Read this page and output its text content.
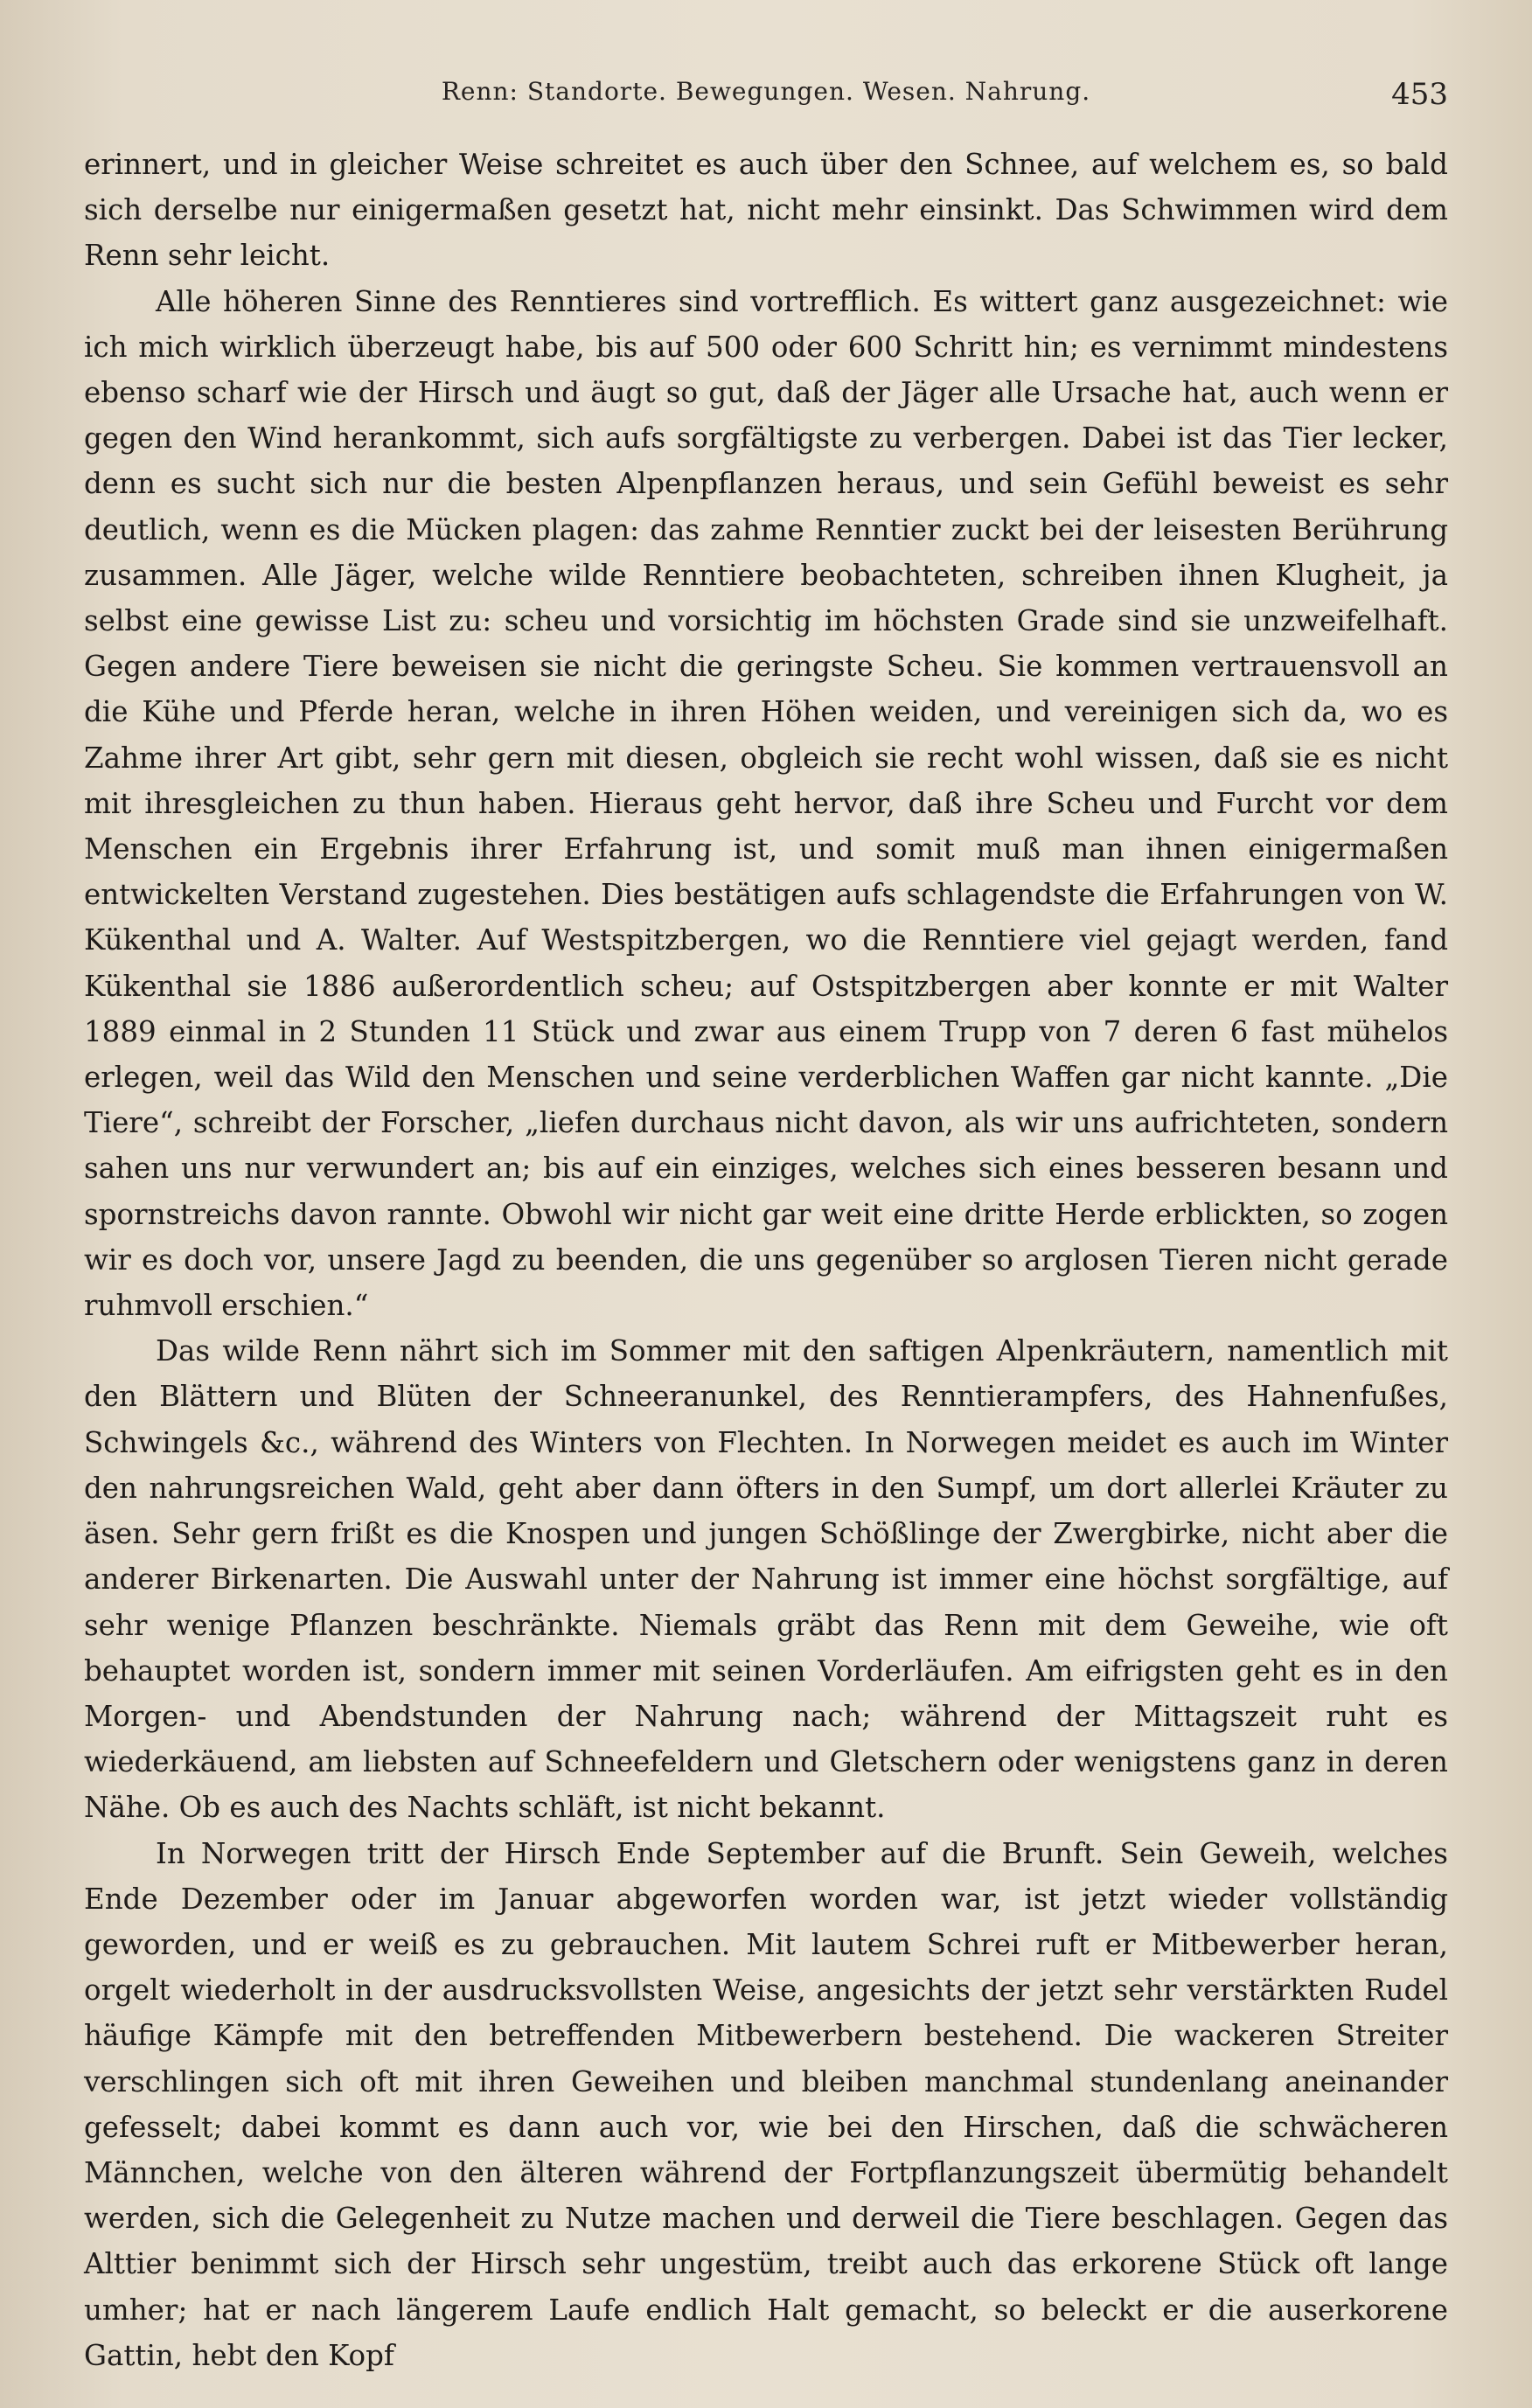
Renn: Standorte. Bewegungen. Wesen. Nahrung.	453

erinnert, und in gleicher Weise schreitet es auch über den Schnee, auf welchem es, so bald sich derselbe nur einigermaßen gesetzt hat, nicht mehr einsinkt. Das Schwimmen wird dem Renn sehr leicht.

Alle höheren Sinne des Renntieres sind vortrefflich. Es wittert ganz ausgezeichnet: wie ich mich wirklich überzeugt habe, bis auf 500 oder 600 Schritt hin; es vernimmt mindestens ebenso scharf wie der Hirsch und äugt so gut, daß der Jäger alle Ursache hat, auch wenn er gegen den Wind herankommt, sich aufs sorgfältigste zu verbergen. Dabei ist das Tier lecker, denn es sucht sich nur die besten Alpenpflanzen heraus, und sein Gefühl beweist es sehr deutlich, wenn es die Mücken plagen: das zahme Renntier zuckt bei der leisesten Berührung zusammen. Alle Jäger, welche wilde Renntiere beobachteten, schreiben ihnen Klugheit, ja selbst eine gewisse List zu: scheu und vorsichtig im höchsten Grade sind sie unzweifelhaft. Gegen andere Tiere beweisen sie nicht die geringste Scheu. Sie kommen vertrauensvoll an die Kühe und Pferde heran, welche in ihren Höhen weiden, und vereinigen sich da, wo es Zahme ihrer Art gibt, sehr gern mit diesen, obgleich sie recht wohl wissen, daß sie es nicht mit ihresgleichen zu thun haben. Hieraus geht hervor, daß ihre Scheu und Furcht vor dem Menschen ein Ergebnis ihrer Erfahrung ist, und somit muß man ihnen einigermaßen entwickelten Verstand zugestehen. Dies bestätigen aufs schlagendste die Erfahrungen von W. Kükenthal und A. Walter. Auf Westspitzbergen, wo die Renntiere viel gejagt werden, fand Kükenthal sie 1886 außerordentlich scheu; auf Ostspitzbergen aber konnte er mit Walter 1889 einmal in 2 Stunden 11 Stück und zwar aus einem Trupp von 7 deren 6 fast mühelos erlegen, weil das Wild den Menschen und seine verderblichen Waffen gar nicht kannte. „Die Tiere“, schreibt der Forscher, „liefen durchaus nicht davon, als wir uns aufrichteten, sondern sahen uns nur verwundert an; bis auf ein einziges, welches sich eines besseren besann und spornstreichs davon rannte. Obwohl wir nicht gar weit eine dritte Herde erblickten, so zogen wir es doch vor, unsere Jagd zu beenden, die uns gegenüber so arglosen Tieren nicht gerade ruhmvoll erschien.“

Das wilde Renn nährt sich im Sommer mit den saftigen Alpenkräutern, namentlich mit den Blättern und Blüten der Schneeranunkel, des Renntierampfers, des Hahnenfußes, Schwingels &c., während des Winters von Flechten. In Norwegen meidet es auch im Winter den nahrungsreichen Wald, geht aber dann öfters in den Sumpf, um dort allerlei Kräuter zu äsen. Sehr gern frißt es die Knospen und jungen Schößlinge der Zwergbirke, nicht aber die anderer Birkenarten. Die Auswahl unter der Nahrung ist immer eine höchst sorgfältige, auf sehr wenige Pflanzen beschränkte. Niemals gräbt das Renn mit dem Geweihe, wie oft behauptet worden ist, sondern immer mit seinen Vorderläufen. Am eifrigsten geht es in den Morgen- und Abendstunden der Nahrung nach; während der Mittagszeit ruht es wiederkäuend, am liebsten auf Schneefeldern und Gletschern oder wenigstens ganz in deren Nähe. Ob es auch des Nachts schläft, ist nicht bekannt.

In Norwegen tritt der Hirsch Ende September auf die Brunft. Sein Geweih, welches Ende Dezember oder im Januar abgeworfen worden war, ist jetzt wieder vollständig geworden, und er weiß es zu gebrauchen. Mit lautem Schrei ruft er Mitbewerber heran, orgelt wiederholt in der ausdrucksvollsten Weise, angesichts der jetzt sehr verstärkten Rudel häufige Kämpfe mit den betreffenden Mitbewerbern bestehend. Die wackeren Streiter verschlingen sich oft mit ihren Geweihen und bleiben manchmal stundenlang aneinander gefesselt; dabei kommt es dann auch vor, wie bei den Hirschen, daß die schwächeren Männchen, welche von den älteren während der Fortpflanzungszeit übermütig behandelt werden, sich die Gelegenheit zu Nutze machen und derweil die Tiere beschlagen. Gegen das Alttier benimmt sich der Hirsch sehr ungestüm, treibt auch das erkorene Stück oft lange umher; hat er nach längerem Laufe endlich Halt gemacht, so beleckt er die auserkorene Gattin, hebt den Kopf
